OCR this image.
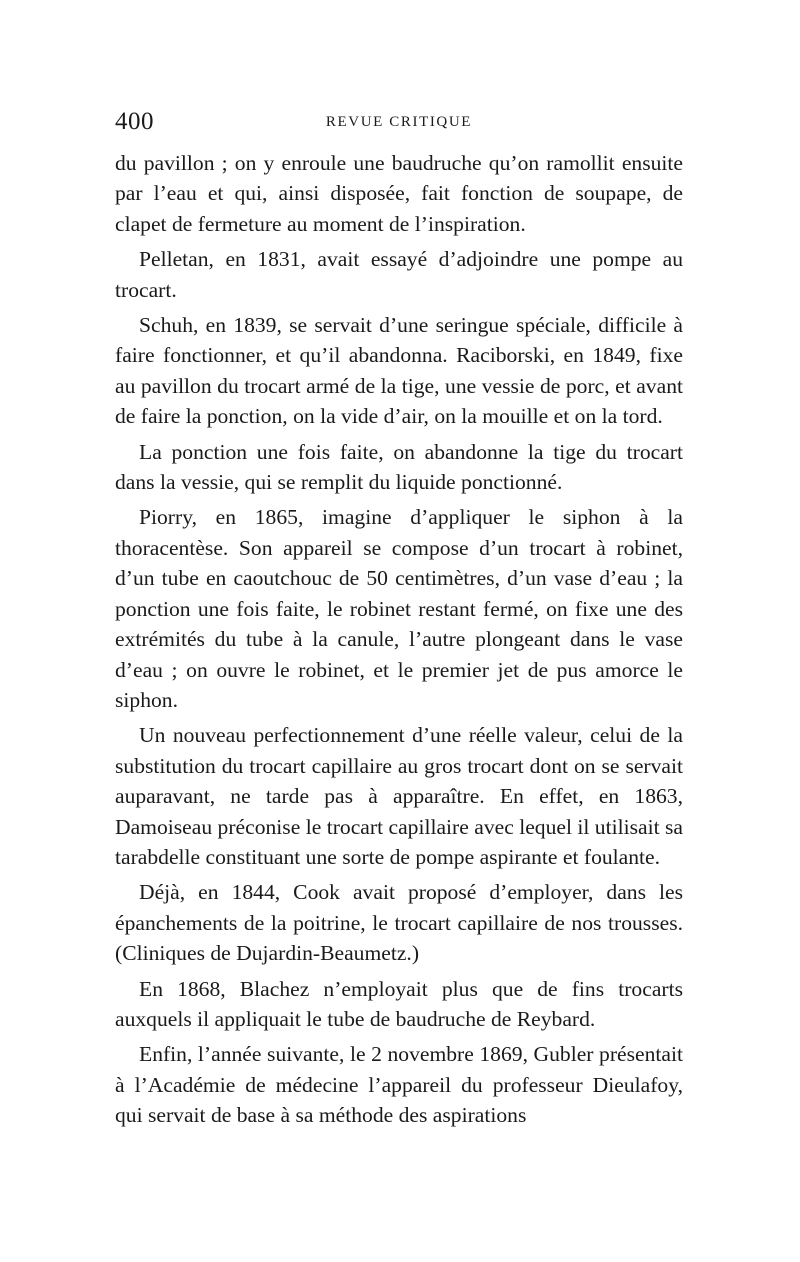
400	REVUE CRITIQUE

du pavillon ; on y enroule une baudruche qu’on ramollit ensuite par l’eau et qui, ainsi disposée, fait fonction de soupape, de clapet de fermeture au moment de l’inspiration.

Pelletan, en 1831, avait essayé d’adjoindre une pompe au trocart.

Schuh, en 1839, se servait d’une seringue spéciale, difficile à faire fonctionner, et qu’il abandonna. Raciborski, en 1849, fixe au pavillon du trocart armé de la tige, une vessie de porc, et avant de faire la ponction, on la vide d’air, on la mouille et on la tord.

La ponction une fois faite, on abandonne la tige du trocart dans la vessie, qui se remplit du liquide ponctionné.

Piorry, en 1865, imagine d’appliquer le siphon à la thoracentèse. Son appareil se compose d’un trocart à robinet, d’un tube en caoutchouc de 50 centimètres, d’un vase d’eau ; la ponction une fois faite, le robinet restant fermé, on fixe une des extrémités du tube à la canule, l’autre plongeant dans le vase d’eau ; on ouvre le robinet, et le premier jet de pus amorce le siphon.

Un nouveau perfectionnement d’une réelle valeur, celui de la substitution du trocart capillaire au gros trocart dont on se servait auparavant, ne tarde pas à apparaître. En effet, en 1863, Damoiseau préconise le trocart capillaire avec lequel il utilisait sa tarabdelle constituant une sorte de pompe aspirante et foulante.

Déjà, en 1844, Cook avait proposé d’employer, dans les épanchements de la poitrine, le trocart capillaire de nos trousses. (Cliniques de Dujardin-Beaumetz.)

En 1868, Blachez n’employait plus que de fins trocarts auxquels il appliquait le tube de baudruche de Reybard.

Enfin, l’année suivante, le 2 novembre 1869, Gubler présentait à l’Académie de médecine l’appareil du professeur Dieulafoy, qui servait de base à sa méthode des aspirations
